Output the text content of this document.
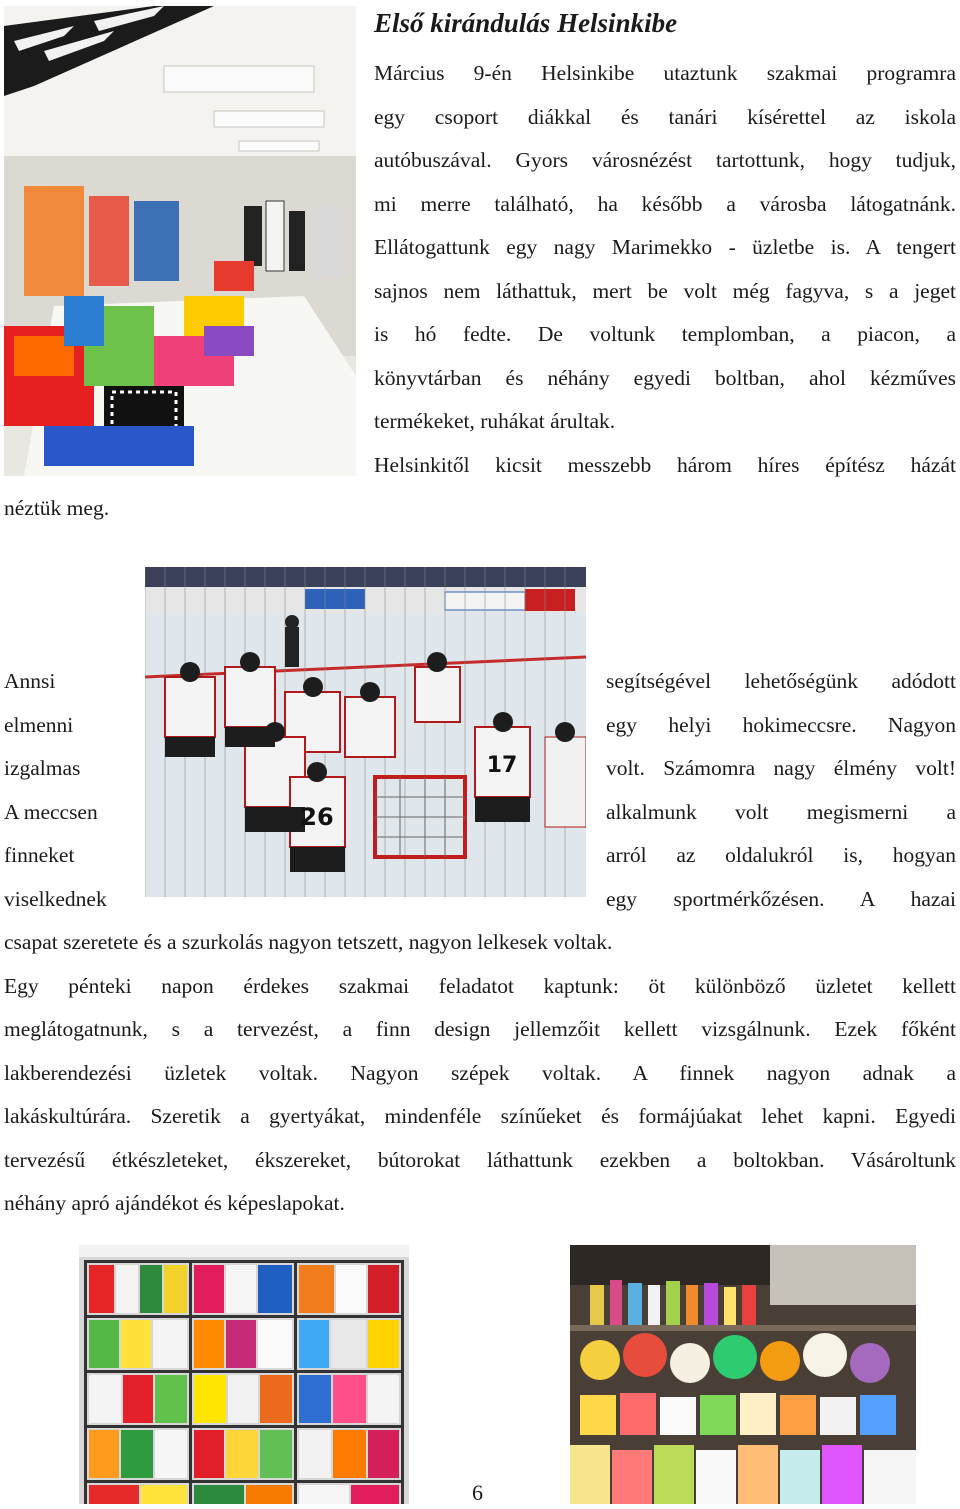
Első kirándulás Helsinkibe
Március 9-én Helsinkibe utaztunk szakmai programra
egy csoport diákkal és tanári kísérettel az iskola
autóbuszával. Gyors városnézést tartottunk, hogy tudjuk,
mi merre található, ha később a városba látogatnánk.
Ellátogattunk egy nagy Marimekko - üzletbe is. A tengert
sajnos nem láthattuk, mert be volt még fagyva, s a jeget
is hó fedte. De voltunk templomban, a piacon, a
könyvtárban és néhány egyedi boltban, ahol kézműves
termékeket, ruhákat árultak.
Helsinkitől kicsit messzebb három híres építész házát
néztük meg.
26
17
Annsi
elmenni
izgalmas
A meccsen
finneket
viselkednek
segítségével lehetőségünk adódott
egy helyi hokimeccsre. Nagyon
volt. Számomra nagy élmény volt!
alkalmunk volt megismerni a
arról az oldalukról is, hogyan
egy sportmérkőzésen. A hazai
csapat szeretete és a szurkolás nagyon tetszett, nagyon lelkesek voltak.
Egy pénteki napon érdekes szakmai feladatot kaptunk: öt különböző üzletet kellett
meglátogatnunk, s a tervezést, a finn design jellemzőit kellett vizsgálnunk. Ezek főként
lakberendezési üzletek voltak. Nagyon szépek voltak. A finnek nagyon adnak a
lakáskultúrára. Szeretik a gyertyákat, mindenféle színűeket és formájúakat lehet kapni. Egyedi
tervezésű étkészleteket, ékszereket, bútorokat láthattunk ezekben a boltokban. Vásároltunk
néhány apró ajándékot és képeslapokat.
6
